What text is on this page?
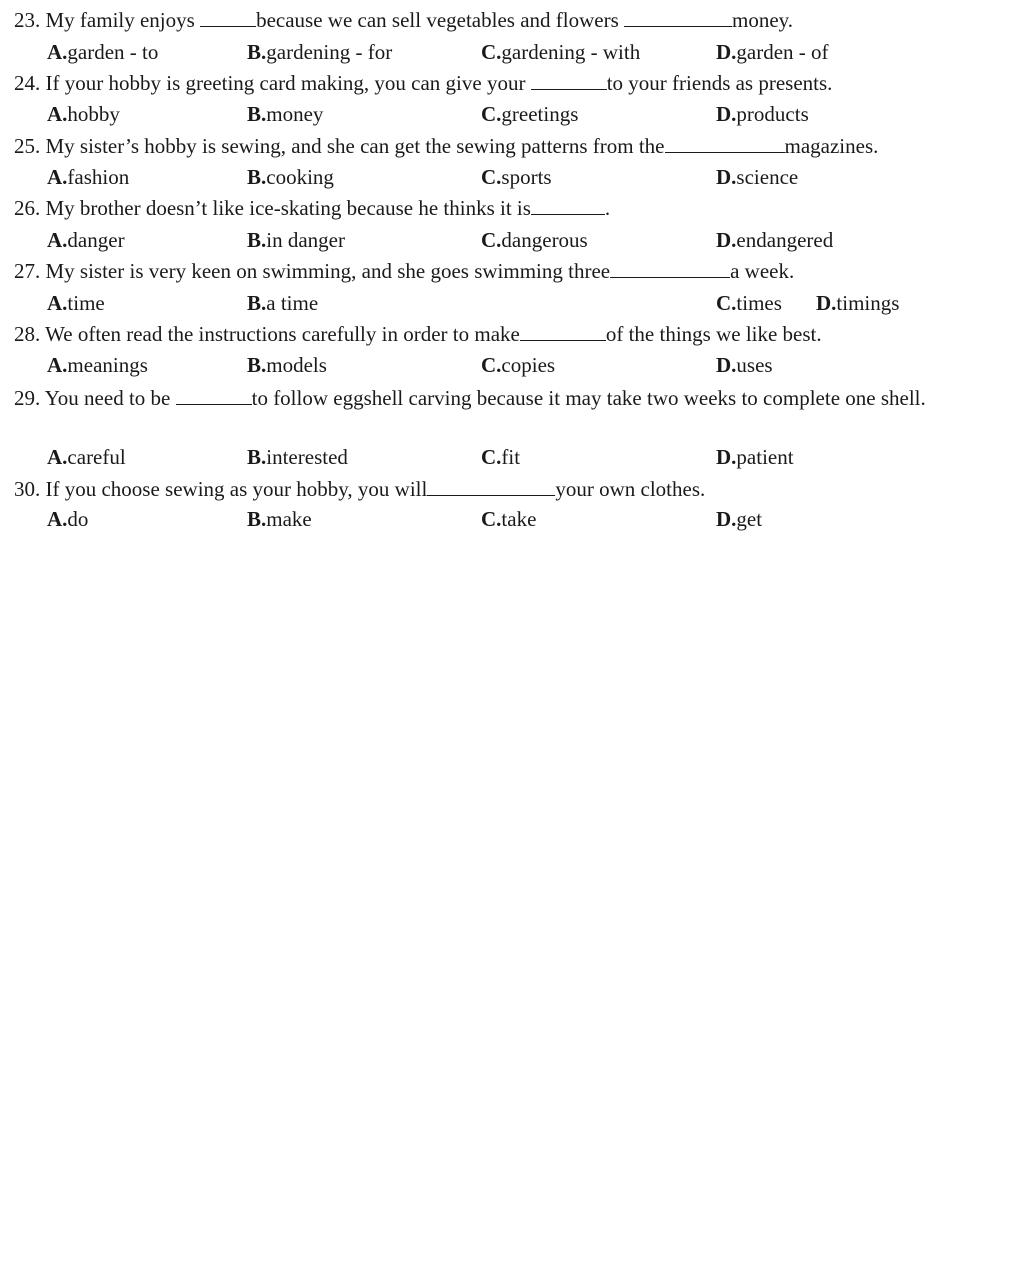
23. My family enjoys	because we can sell vegetables and flowers	money.
A.garden - to	B.gardening - for	C.gardening - with	D.garden - of
24. If your hobby is greeting card making, you can give your	to your friends as presents.
A.hobby	B.money	C.greetings	D.products
25. My sister’s hobby is sewing, and she can get the sewing patterns from the	magazines.
A.fashion	B.cooking	C.sports	D.science
26. My brother doesn’t like ice-skating because he thinks it is	.
A.danger	B.in danger	C.dangerous	D.endangered
27. My sister is very keen on swimming, and she goes swimming three	a week.
A.time	B.a time	C.times D.timings
28. We often read the instructions carefully in order to make	of the things we like best.
A.meanings	B.models	C.copies	D.uses
29. You need to be	to follow eggshell carving because it may take two weeks to complete one shell.
A.careful	B.interested	C.fit	D.patient
30. If you choose sewing as your hobby, you will	your own clothes.
A.do	B.make	C.take	D.get
